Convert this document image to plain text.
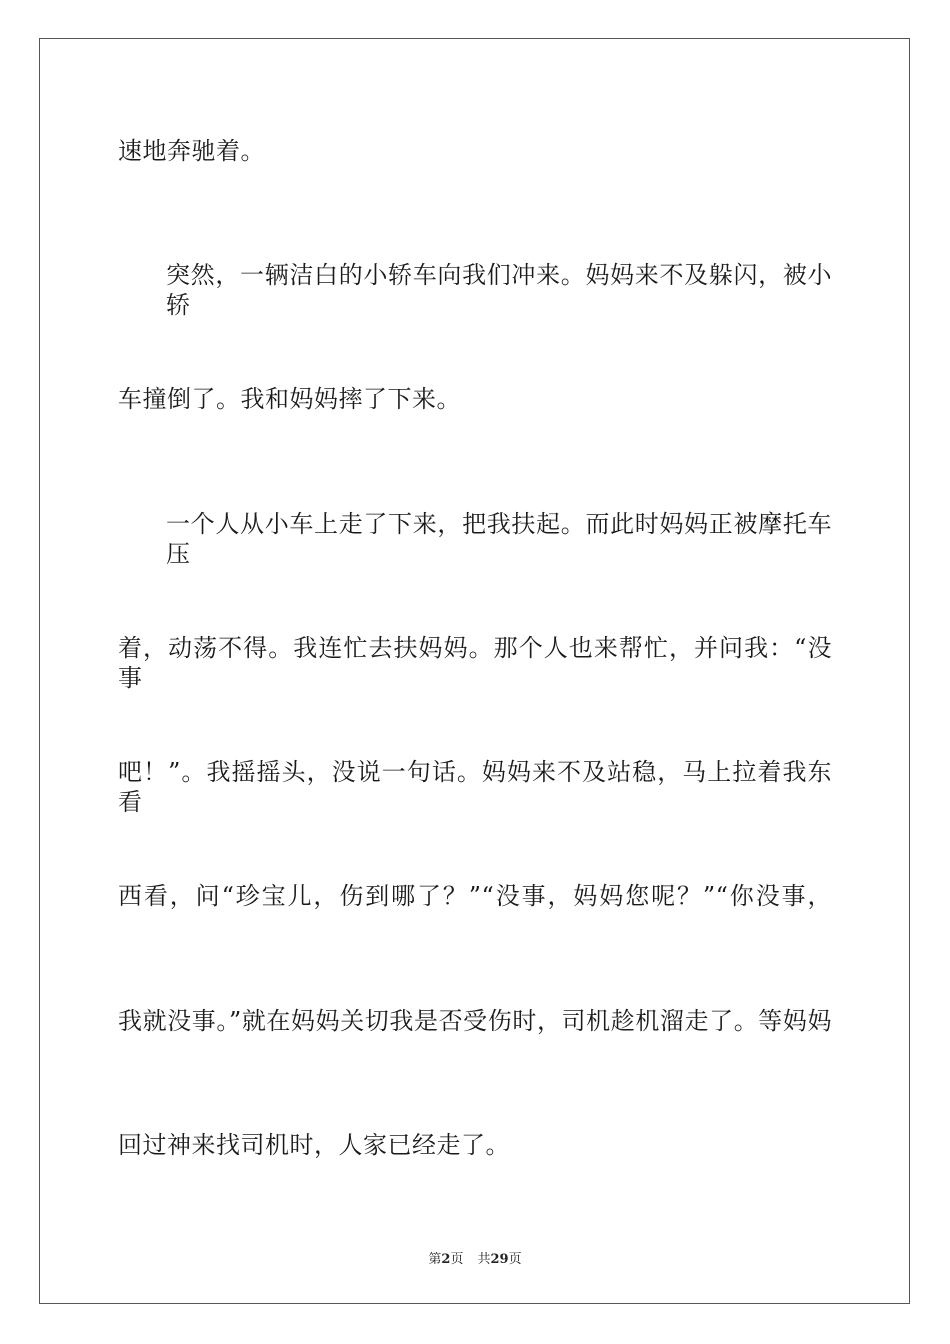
速地奔驰着。
突然，一辆洁白的小轿车向我们冲来。妈妈来不及躲闪，被小轿
车撞倒了。我和妈妈摔了下来。
一个人从小车上走了下来，把我扶起。而此时妈妈正被摩托车压
着，动荡不得。我连忙去扶妈妈。那个人也来帮忙，并问我：“没事
吧！”。我摇摇头，没说一句话。妈妈来不及站稳，马上拉着我东看
西看，问“珍宝儿，伤到哪了？”“没事，妈妈您呢？”“你没事，
我就没事。”就在妈妈关切我是否受伤时，司机趁机溜走了。等妈妈
回过神来找司机时，人家已经走了。
第2页 共29页
